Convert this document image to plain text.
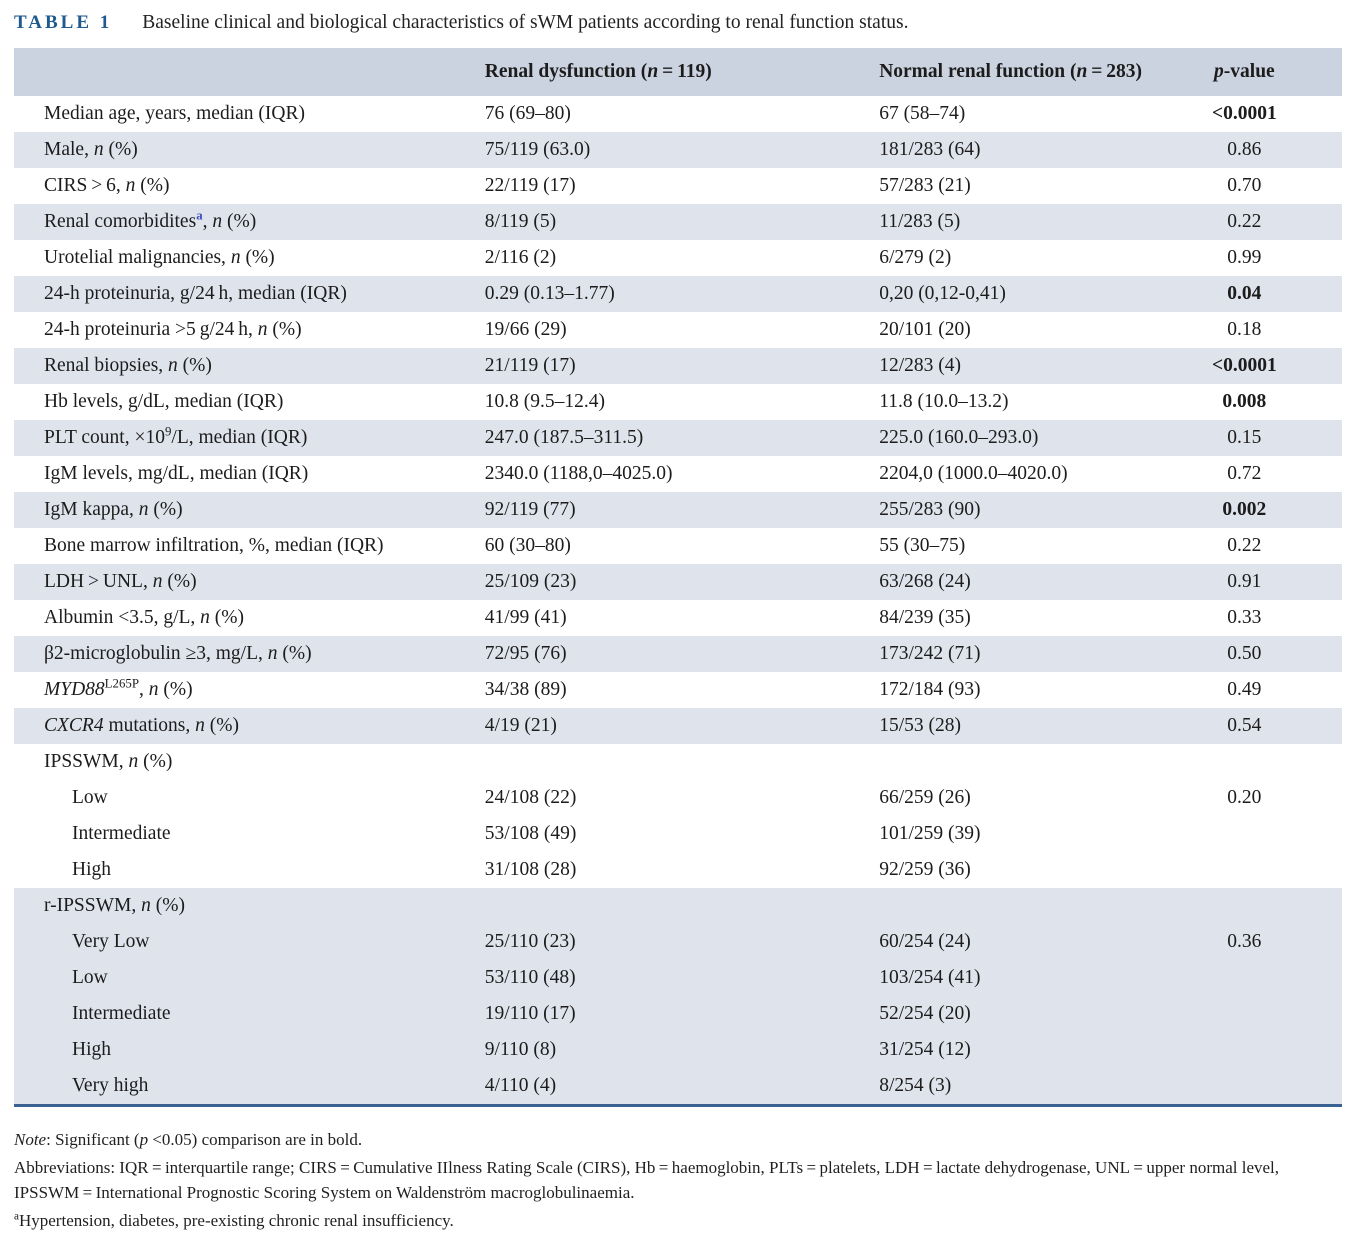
TABLE 1 Baseline clinical and biological characteristics of sWM patients according to renal function status.
	Renal dysfunction (n = 119)	Normal renal function (n = 283)	p-value
Median age, years, median (IQR)	76 (69–80)	67 (58–74)	<0.0001
Male, n (%)	75/119 (63.0)	181/283 (64)	0.86
CIRS > 6, n (%)	22/119 (17)	57/283 (21)	0.70
Renal comorbidites$^a$, n (%)	8/119 (5)	11/283 (5)	0.22
Urotelial malignancies, n (%)	2/116 (2)	6/279 (2)	0.99
24-h proteinuria, g/24 h, median (IQR)	0.29 (0.13–1.77)	0,20 (0,12-0,41)	0.04
24-h proteinuria >5 g/24 h, n (%)	19/66 (29)	20/101 (20)	0.18
Renal biopsies, n (%)	21/119 (17)	12/283 (4)	<0.0001
Hb levels, g/dL, median (IQR)	10.8 (9.5–12.4)	11.8 (10.0–13.2)	0.008
PLT count, $\times 10^9/L$, median (IQR)	247.0 (187.5–311.5)	225.0 (160.0–293.0)	0.15
IgM levels, mg/dL, median (IQR)	2340.0 (1188,0–4025.0)	2204,0 (1000.0–4020.0)	0.72
IgM kappa, n (%)	92/119 (77)	255/283 (90)	0.002
Bone marrow infiltration, %, median (IQR)	60 (30–80)	55 (30–75)	0.22
LDH > UNL, n (%)	25/109 (23)	63/268 (24)	0.91
Albumin <3.5, g/L, n (%)	41/99 (41)	84/239 (35)	0.33
β2-microglobulin ≥3, mg/L, n (%)	72/95 (76)	173/242 (71)	0.50
$MYD88^{L265P}$, n (%)	34/38 (89)	172/184 (93)	0.49
CXCR4 mutations, n (%)	4/19 (21)	15/53 (28)	0.54
IPSSWM, n (%)			
Low	24/108 (22)	66/259 (26)	0.20
Intermediate	53/108 (49)	101/259 (39)	
High	31/108 (28)	92/259 (36)	
r-IPSSWM, n (%)			
Very Low	25/110 (23)	60/254 (24)	0.36
Low	53/110 (48)	103/254 (41)	
Intermediate	19/110 (17)	52/254 (20)	
High	9/110 (8)	31/254 (12)	
Very high	4/110 (4)	8/254 (3)	

Note: Significant (p <0.05) comparison are in bold.

Abbreviations: IQR = interquartile range; CIRS = Cumulative IIlness Rating Scale (CIRS), Hb = haemoglobin, PLTs = platelets, LDH = lactate dehydrogenase, UNL = upper normal level, IPSSWM = International Prognostic Scoring System on Waldenström macroglobulinaemia.

$^a$Hypertension, diabetes, pre-existing chronic renal insufficiency.
